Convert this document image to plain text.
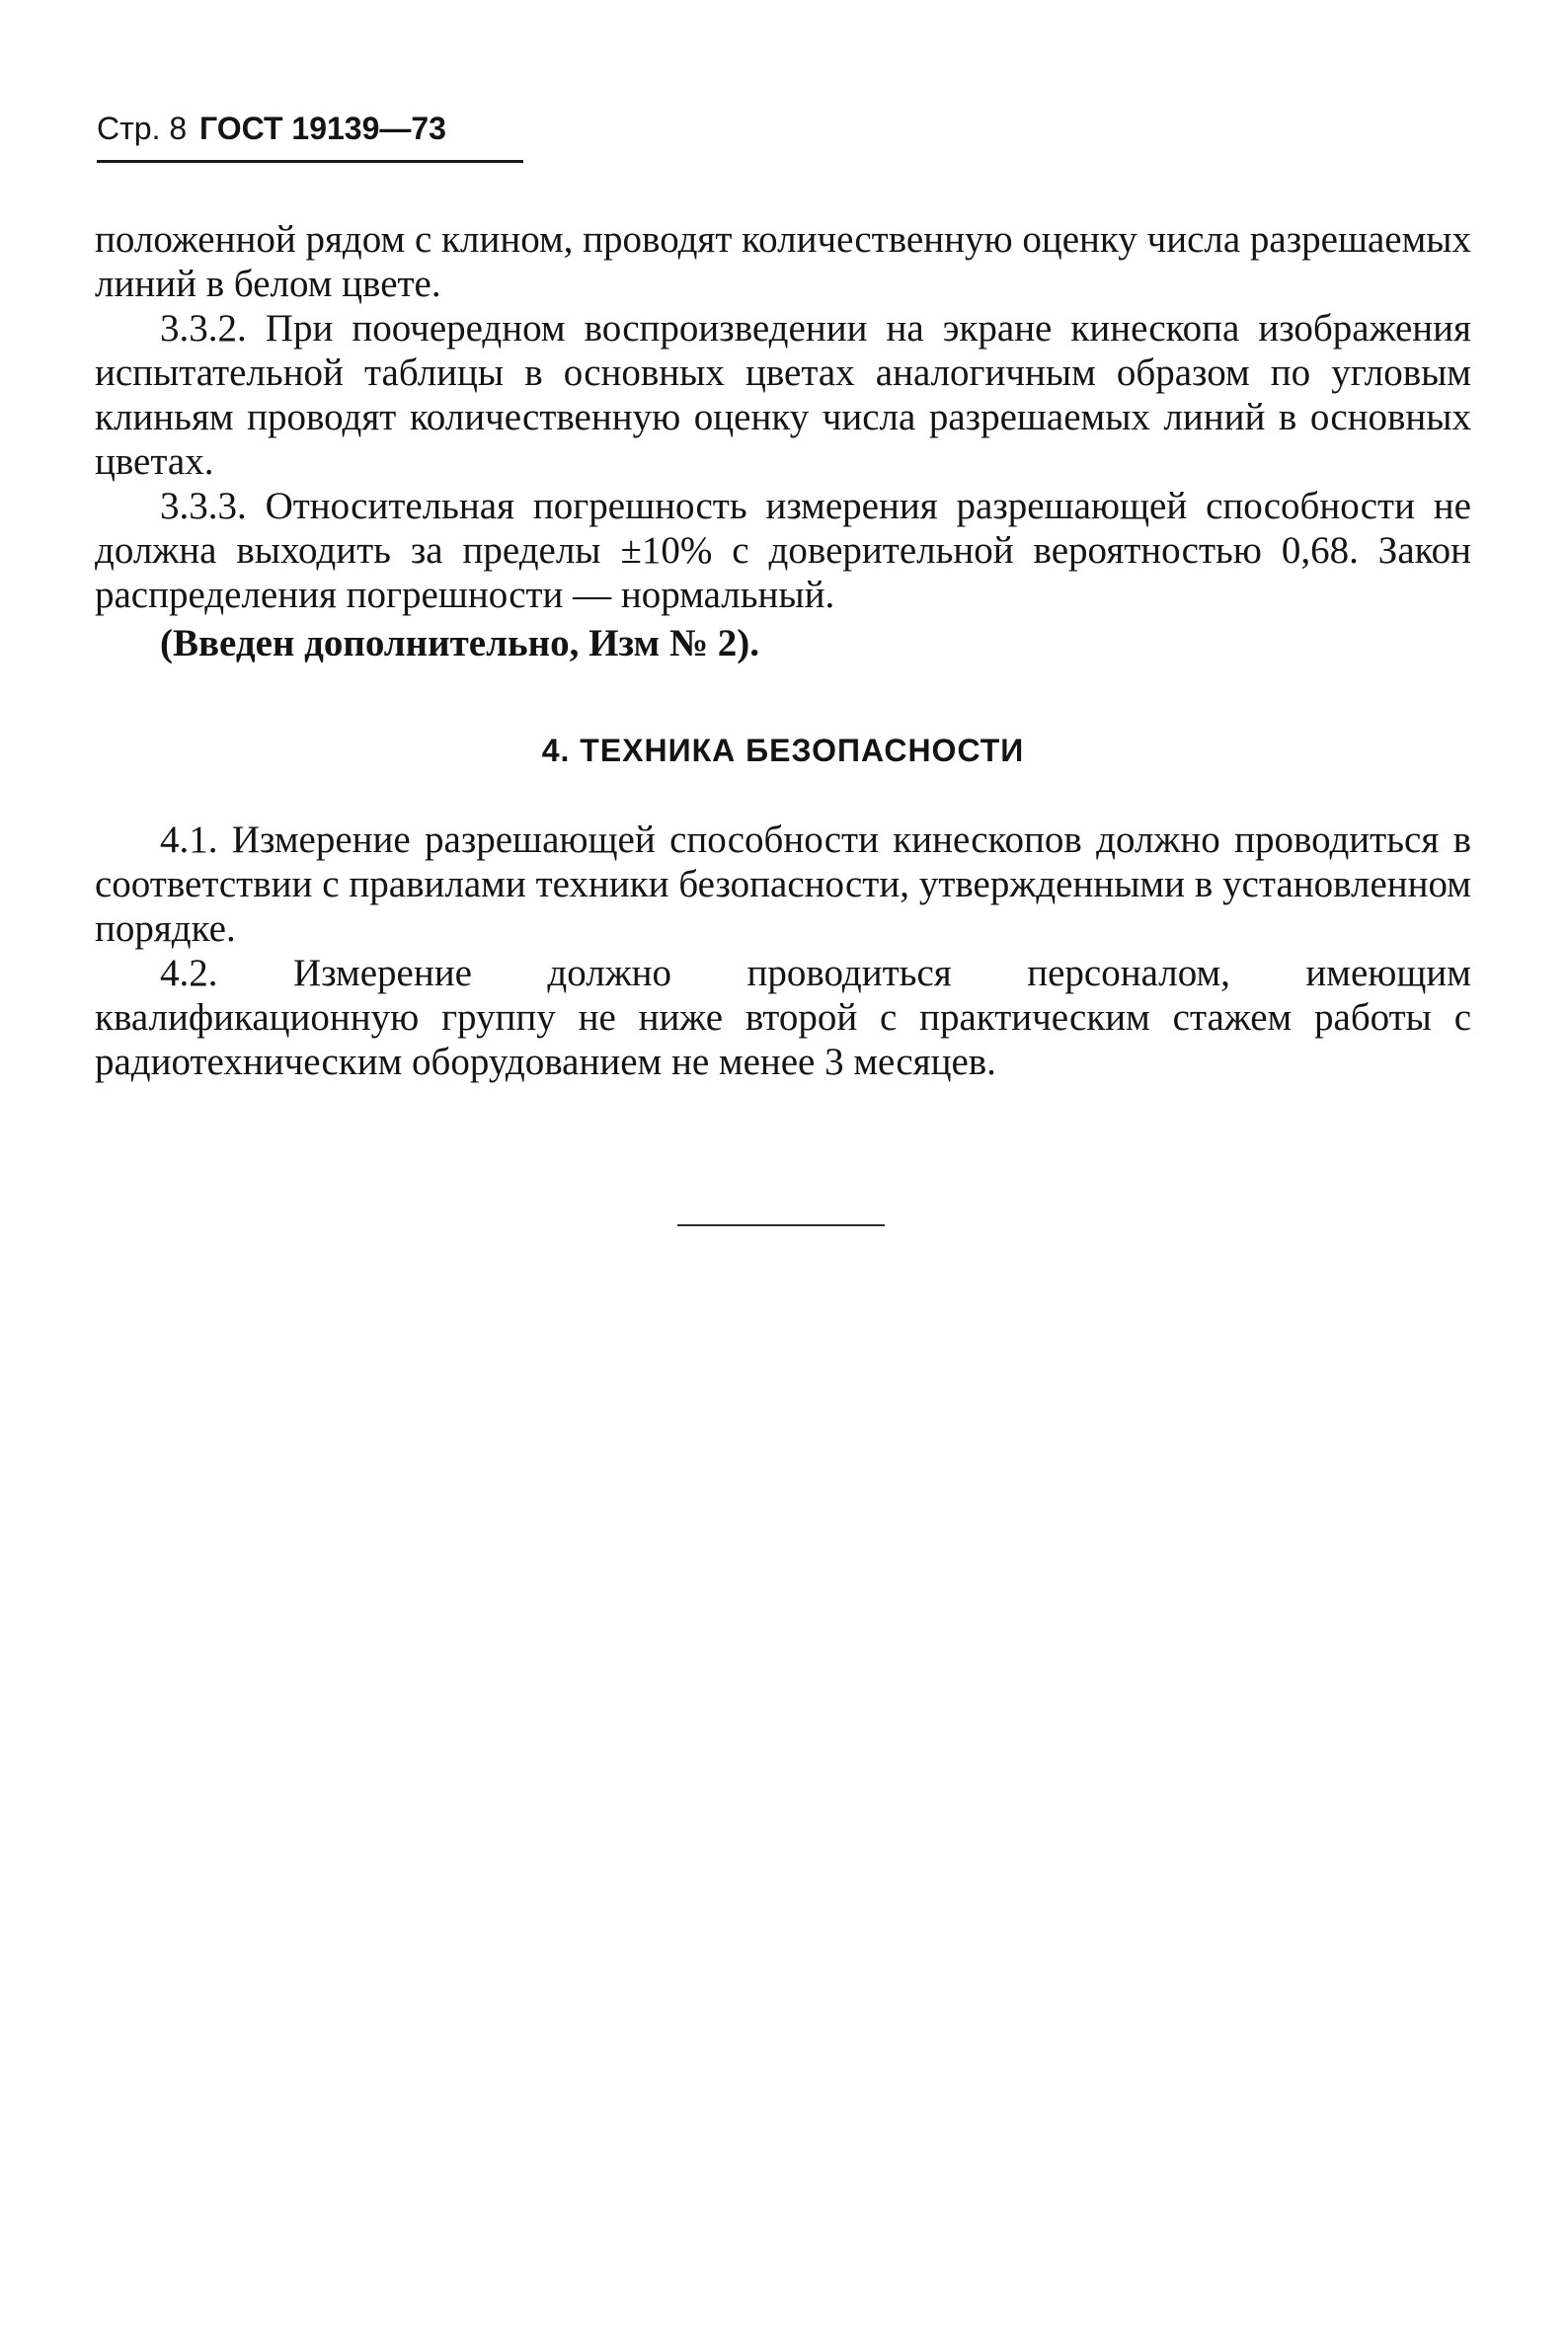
Стр. 8 ГОСТ 19139—73

положенной рядом с клином, проводят количественную оценку числа разрешаемых линий в белом цвете.

3.3.2. При поочередном воспроизведении на экране кинескопа изображения испытательной таблицы в основных цветах аналогичным образом по угловым клиньям проводят количественную оценку числа разрешаемых линий в основных цветах.

3.3.3. Относительная погрешность измерения разрешающей способности не должна выходить за пределы ±10% с доверительной вероятностью 0,68. Закон распределения погрешности — нормальный.

(Введен дополнительно, Изм № 2).

4. ТЕХНИКА БЕЗОПАСНОСТИ

4.1. Измерение разрешающей способности кинескопов должно проводиться в соответствии с правилами техники безопасности, утвержденными в установленном порядке.

4.2. Измерение должно проводиться персоналом, имеющим квалификационную группу не ниже второй с практическим стажем работы с радиотехническим оборудованием не менее 3 месяцев.
